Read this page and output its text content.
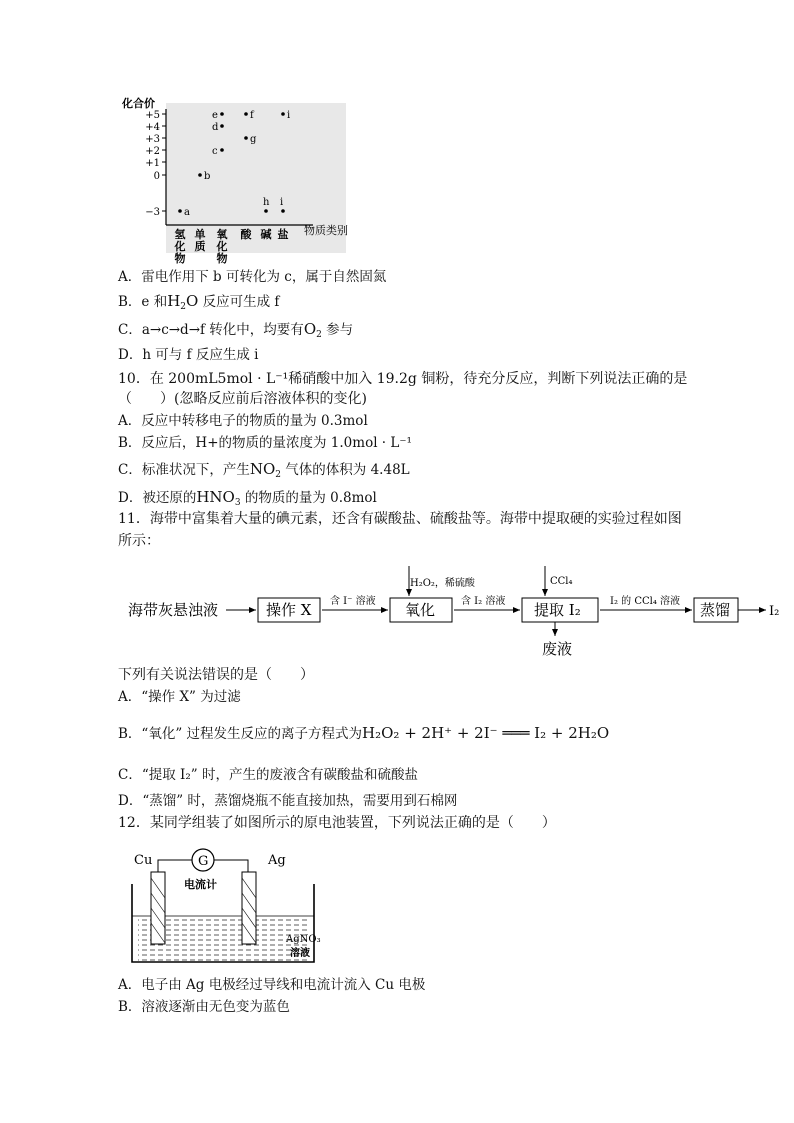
化合价
+5
+4
+3
+2
+1
0
−3
氢
化
物
单
质
氧
化
物
酸 碱 盐
a
b
c
d
e
g
f
h i
i
物质类别
A．雷电作用下 b 可转化为 c，属于自然固氮
B．e 和$H_2O$ 反应可生成 f
C．a→c→d→f 转化中，均要有$O_2$ 参与
D．h 可与 f 反应生成 i
10．在 200mL5mol · L⁻¹稀硝酸中加入 19.2g 铜粉，待充分反应，判断下列说法正确的是
（　　）(忽略反应前后溶液体积的变化)
A．反应中转移电子的物质的量为 0.3mol
B．反应后，H+的物质的量浓度为 1.0mol · L⁻¹
C．标准状况下，产生$NO_2$ 气体的体积为 4.48L
D．被还原的$HNO_3$ 的物质的量为 0.8mol
11．海带中富集着大量的碘元素，还含有碳酸盐、硫酸盐等。海带中提取硬的实验过程如图
所示：
海带灰悬浊液	操作 X 含 I⁻ 溶液
H₂O₂，稀硫酸
氧化	含 I₂ 溶液
CCl₄
提取 I₂
废液
I₂ 的 CCl₄ 溶液 蒸馏	I₂
下列有关说法错误的是（　　）
A．“操作 X” 为过滤
B．“氧化” 过程发生反应的离子方程式为H₂O₂ + 2H⁺ + 2I⁻ ═══ I₂ + 2H₂O
C．“提取 I₂” 时，产生的废液含有碳酸盐和硫酸盐
D．“蒸馏” 时，蒸馏烧瓶不能直接加热，需要用到石棉网
12．某同学组装了如图所示的原电池装置，下列说法正确的是（　　）
G
电流计
Cu	Ag
AgNO₃
溶液
A．电子由 Ag 电极经过导线和电流计流入 Cu 电极
B．溶液逐渐由无色变为蓝色
